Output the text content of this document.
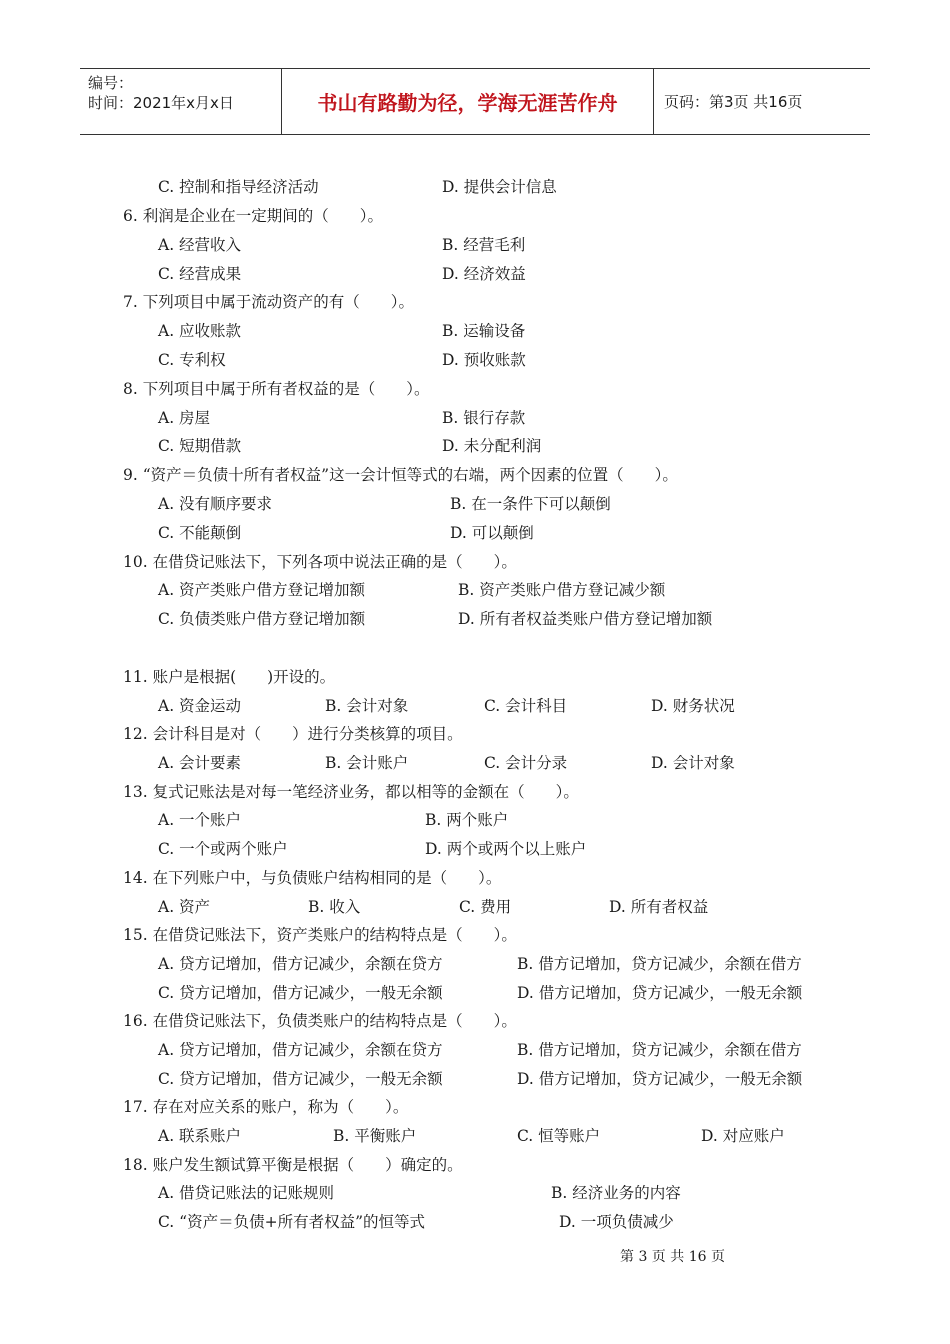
编号：
时间：2021年x月x日	书山有路勤为径，学海无涯苦作舟	页码：第3页 共16页
C. 控制和指导经济活动	D. 提供会计信息
6. 利润是企业在一定期间的（　　）。
A. 经营收入	B. 经营毛利
C. 经营成果	D. 经济效益
7. 下列项目中属于流动资产的有（　　）。
A. 应收账款	B. 运输设备
C. 专利权	D. 预收账款
8. 下列项目中属于所有者权益的是（　　）。
A. 房屋	B. 银行存款
C. 短期借款	D. 未分配利润
9. “资产＝负债十所有者权益”这一会计恒等式的右端，两个因素的位置（　　）。
A. 没有顺序要求	B. 在一条件下可以颠倒
C. 不能颠倒	D. 可以颠倒
10. 在借贷记账法下，下列各项中说法正确的是（　　）。
A. 资产类账户借方登记增加额	B. 资产类账户借方登记减少额
C. 负债类账户借方登记增加额	D. 所有者权益类账户借方登记增加额
11. 账户是根据(　　)开设的。
A. 资金运动	B. 会计对象	C. 会计科目	D. 财务状况
12. 会计科目是对（　　）进行分类核算的项目。
A. 会计要素	B. 会计账户	C. 会计分录	D. 会计对象
13. 复式记账法是对每一笔经济业务，都以相等的金额在（　　）。
A. 一个账户	B. 两个账户
C. 一个或两个账户	D. 两个或两个以上账户
14. 在下列账户中，与负债账户结构相同的是（　　）。
A. 资产	B. 收入	C. 费用	D. 所有者权益
15. 在借贷记账法下，资产类账户的结构特点是（　　）。
A. 贷方记增加，借方记减少，余额在贷方	B. 借方记增加，贷方记减少，余额在借方
C. 贷方记增加，借方记减少，一般无余额	D. 借方记增加，贷方记减少，一般无余额
16. 在借贷记账法下，负债类账户的结构特点是（　　）。
A. 贷方记增加，借方记减少，余额在贷方	B. 借方记增加，贷方记减少，余额在借方
C. 贷方记增加，借方记减少，一般无余额	D. 借方记增加，贷方记减少，一般无余额
17. 存在对应关系的账户，称为（　　）。
A. 联系账户	B. 平衡账户	C. 恒等账户	D. 对应账户
18. 账户发生额试算平衡是根据（　　）确定的。
A. 借贷记账法的记账规则	B. 经济业务的内容
C. “资产＝负债+所有者权益”的恒等式	D. 一项负债减少
第 3 页 共 16 页
